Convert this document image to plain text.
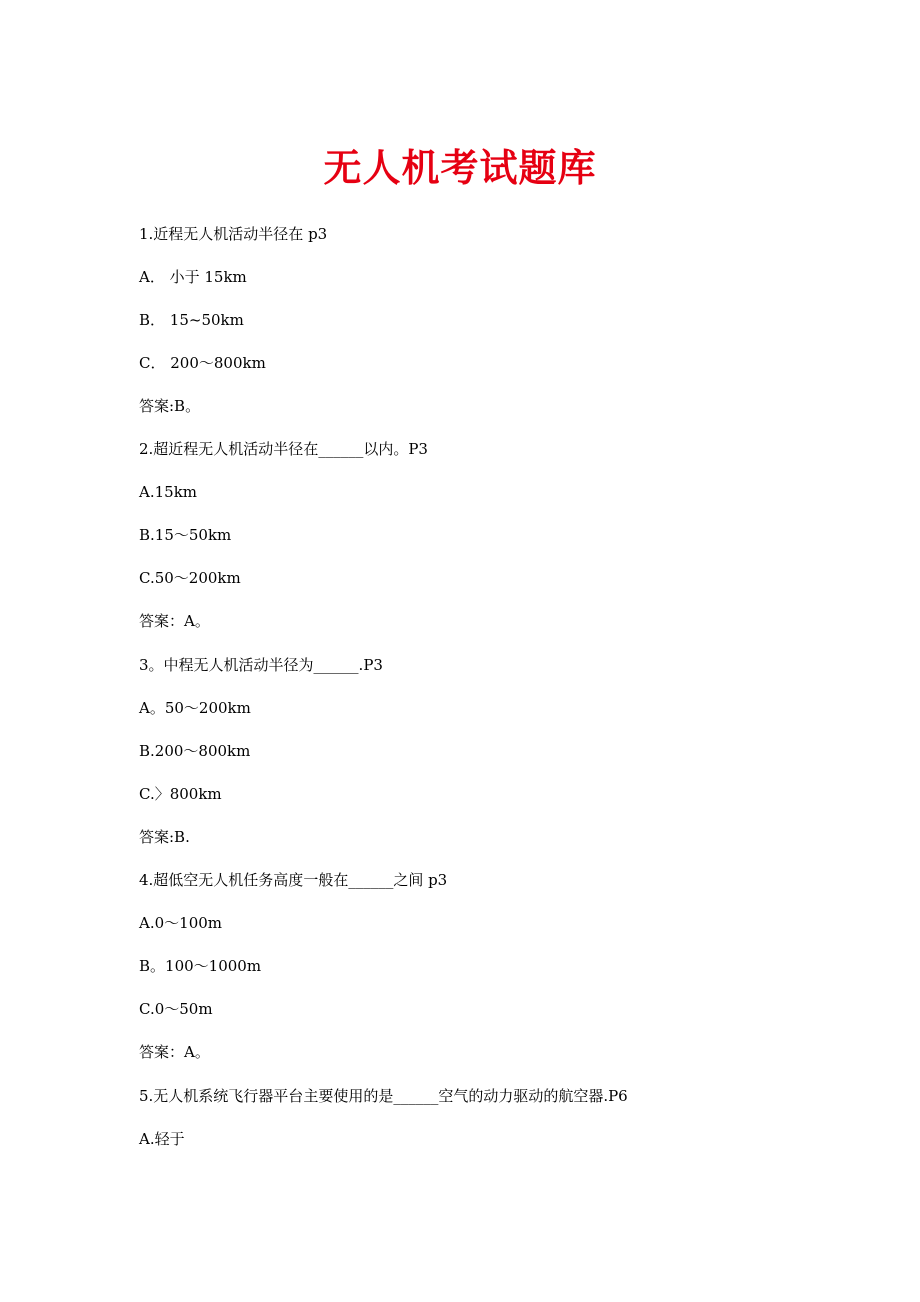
无人机考试题库
1.近程无人机活动半径在 p3
A． 小于 15km
B． 15~50km
C． 200～800km
答案:B。
2.超近程无人机活动半径在______以内。P3
A.15km
B.15～50km
C.50～200km
答案：A。
3。中程无人机活动半径为______.P3
A。50～200km
B.200～800km
C.〉800km
答案:B.
4.超低空无人机任务高度一般在______之间 p3
A.0～100m
B。100～1000m
C.0～50m
答案：A。
5.无人机系统飞行器平台主要使用的是______空气的动力驱动的航空器.P6
A.轻于
